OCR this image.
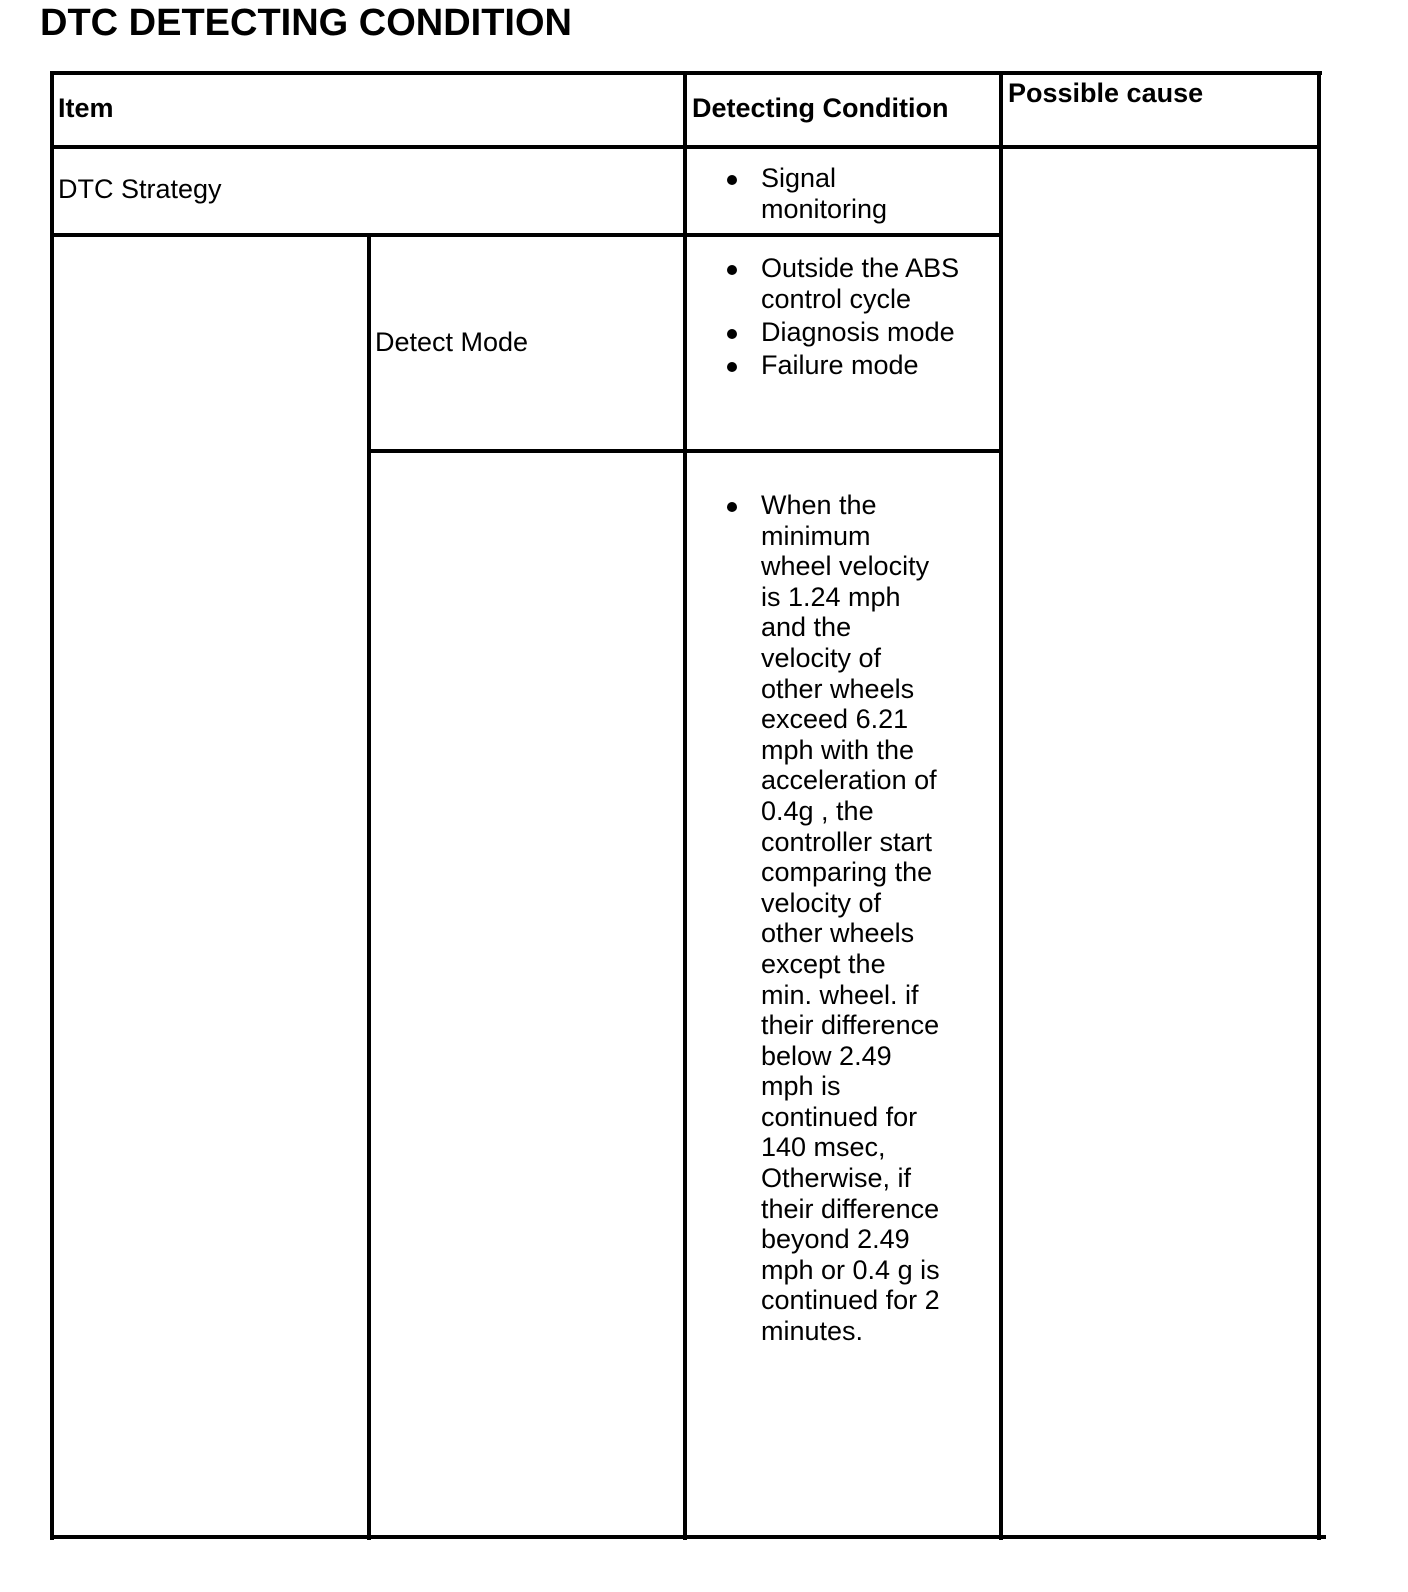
DTC DETECTING CONDITION
Item	Detecting Condition Possible cause
DTC Strategy	Signal monitoring
Detect Mode
Outside the ABS control cycle
Diagnosis mode
Failure mode
When the minimum wheel velocity is 1.24 mph and the velocity of other wheels exceed 6.21 mph with the acceleration of 0.4g , the controller start comparing the velocity of other wheels except the min. wheel. if their difference below 2.49 mph is continued for 140 msec, Otherwise, if their difference beyond 2.49 mph or 0.4 g is continued for 2 minutes.
